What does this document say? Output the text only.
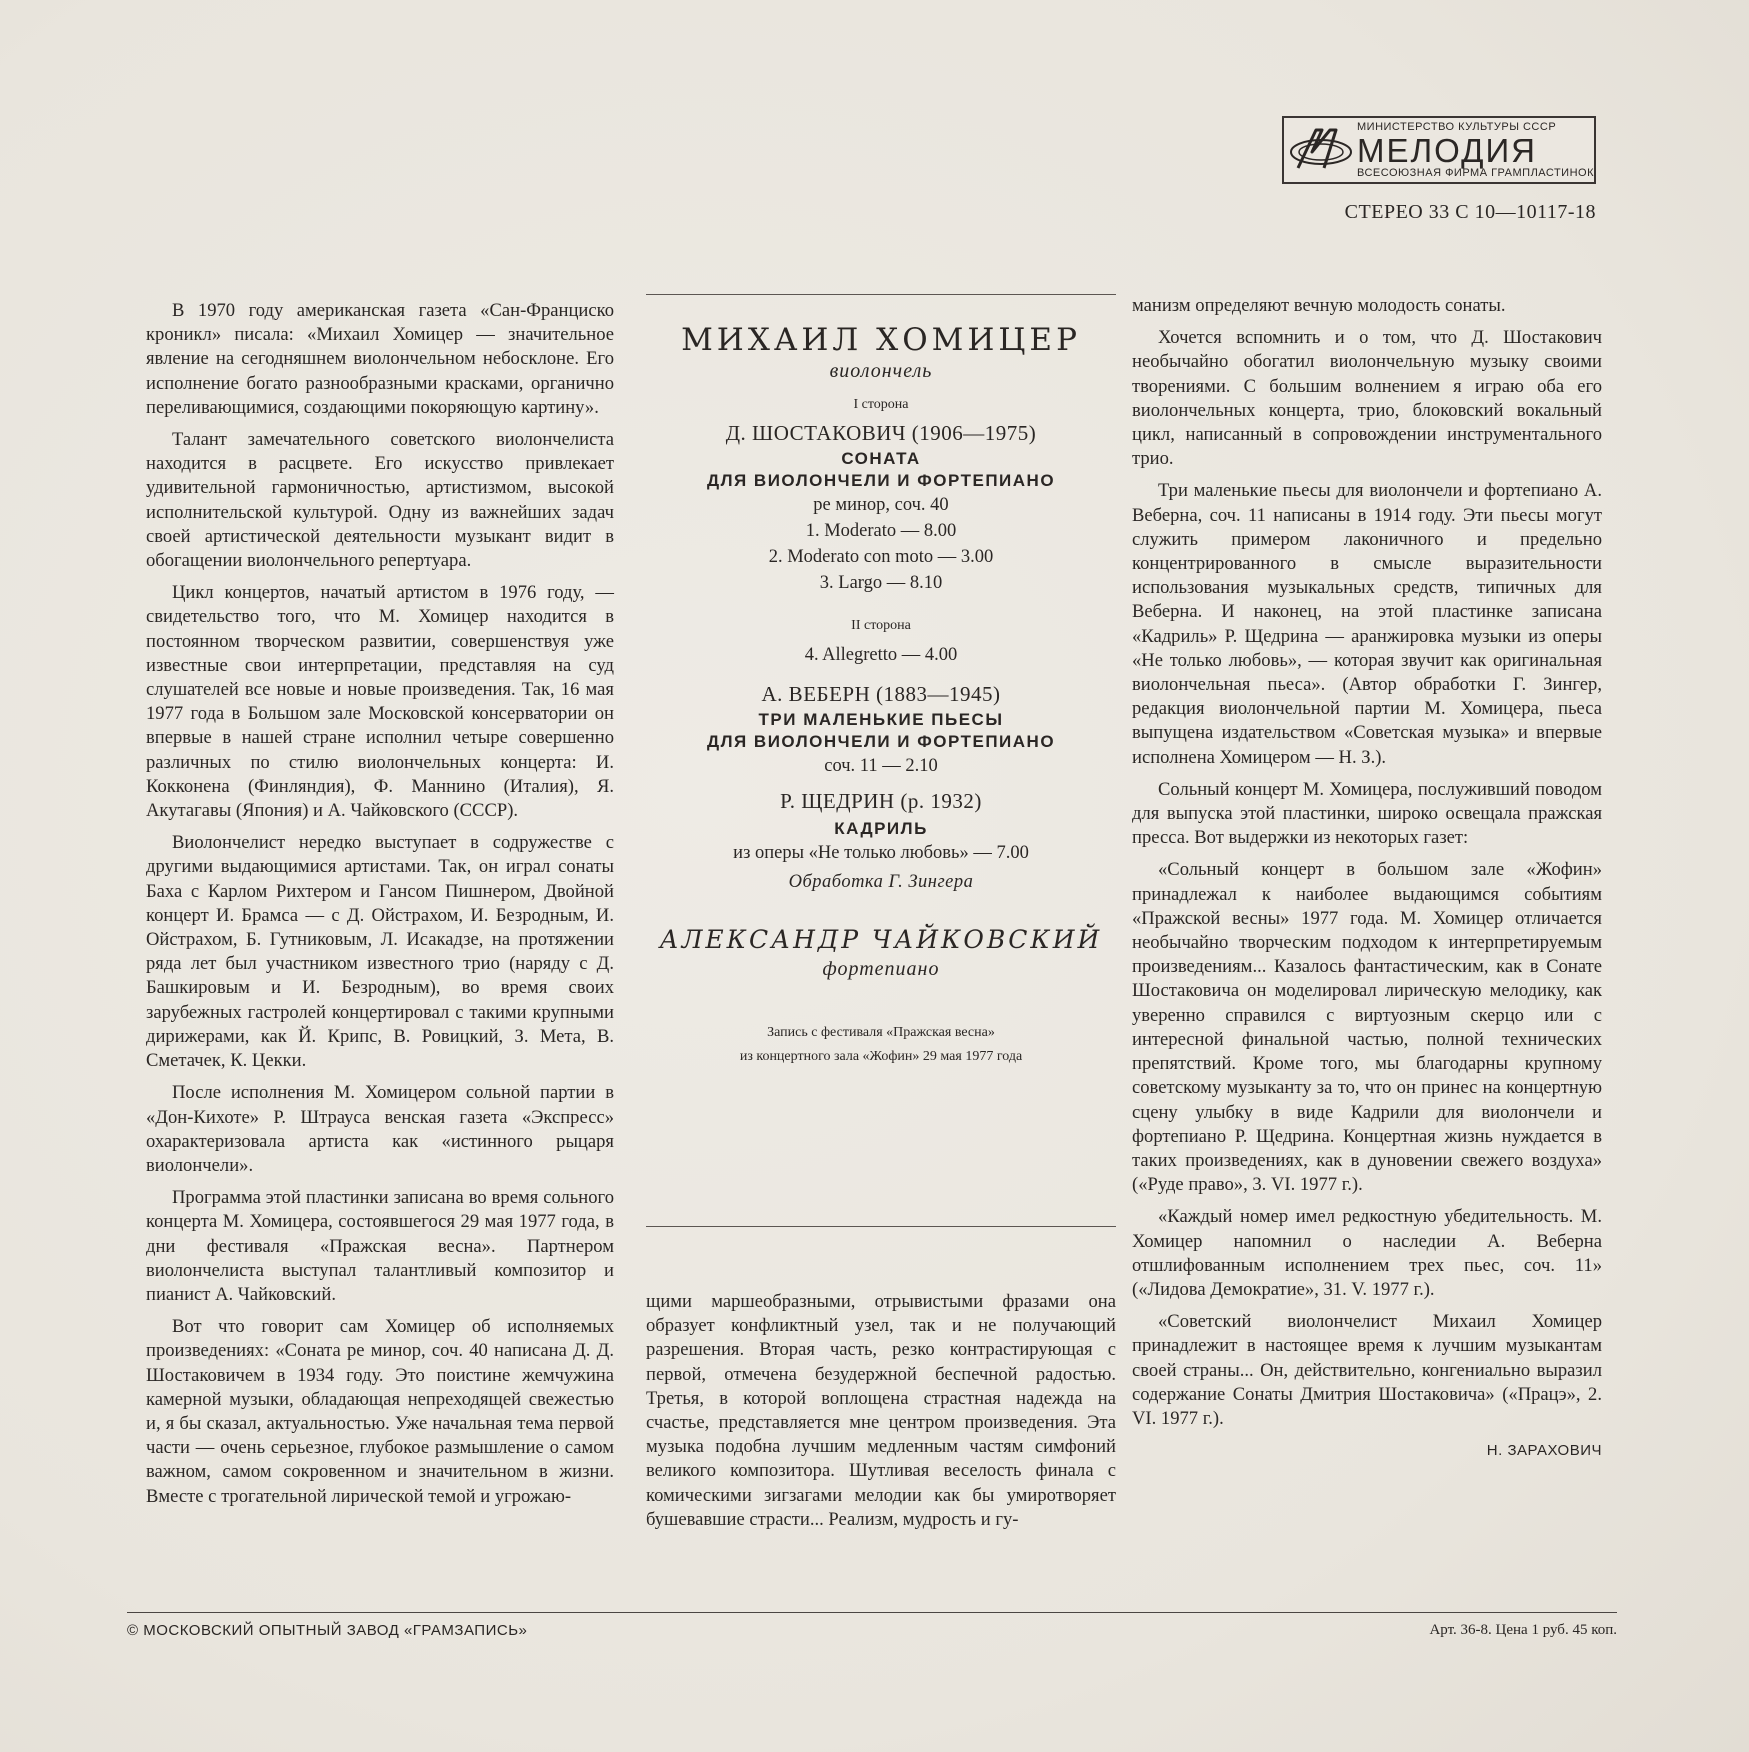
МИНИСТЕРСТВО КУЛЬТУРЫ СССР
МЕЛОДИЯ
ВСЕСОЮЗНАЯ ФИРМА ГРАМПЛАСТИНОК
СТЕРЕО 33 С 10—10117-18

В 1970 году американская газета «Сан-Франциско кроникл» писала: «Михаил Хомицер — значительное явление на сегодняшнем виолончельном небосклоне. Его исполнение богато разнообразными красками, органично переливающимися, создающими покоряющую картину».

Талант замечательного советского виолончелиста находится в расцвете. Его искусство привлекает удивительной гармоничностью, артистизмом, высокой исполнительской культурой. Одну из важнейших задач своей артистической деятельности музыкант видит в обогащении виолончельного репертуара.

Цикл концертов, начатый артистом в 1976 году, — свидетельство того, что М. Хомицер находится в постоянном творческом развитии, совершенствуя уже известные свои интерпретации, представляя на суд слушателей все новые и новые произведения. Так, 16 мая 1977 года в Большом зале Московской консерватории он впервые в нашей стране исполнил четыре совершенно различных по стилю виолончельных концерта: И. Кокконена (Финляндия), Ф. Маннино (Италия), Я. Акутагавы (Япония) и А. Чайковского (СССР).

Виолончелист нередко выступает в содружестве с другими выдающимися артистами. Так, он играл сонаты Баха с Карлом Рихтером и Гансом Пишнером, Двойной концерт И. Брамса — с Д. Ойстрахом, И. Безродным, И. Ойстрахом, Б. Гутниковым, Л. Исакадзе, на протяжении ряда лет был участником известного трио (наряду с Д. Башкировым и И. Безродным), во время своих зарубежных гастролей концертировал с такими крупными дирижерами, как Й. Крипс, В. Ровицкий, З. Мета, В. Сметачек, К. Цекки.

После исполнения М. Хомицером сольной партии в «Дон-Кихоте» Р. Штрауса венская газета «Экспресс» охарактеризовала артиста как «истинного рыцаря виолончели».

Программа этой пластинки записана во время сольного концерта М. Хомицера, состоявшегося 29 мая 1977 года, в дни фестиваля «Пражская весна». Партнером виолончелиста выступал талантливый композитор и пианист А. Чайковский.

Вот что говорит сам Хомицер об исполняемых произведениях: «Соната ре минор, соч. 40 написана Д. Д. Шостаковичем в 1934 году. Это поистине жемчужина камерной музыки, обладающая непреходящей свежестью и, я бы сказал, актуальностью. Уже начальная тема первой части — очень серьезное, глубокое размышление о самом важном, самом сокровенном и значительном в жизни. Вместе с трогательной лирической темой и угрожаю-

МИХАИЛ ХОМИЦЕР
виолончель
I сторона
Д. ШОСТАКОВИЧ (1906—1975)
СОНАТА
ДЛЯ ВИОЛОНЧЕЛИ И ФОРТЕПИАНО
ре минор, соч. 40
1. Moderato — 8.00
2. Moderato con moto — 3.00
3. Largo — 8.10
II сторона
4. Allegretto — 4.00
А. ВЕБЕРН (1883—1945)
ТРИ МАЛЕНЬКИЕ ПЬЕСЫ
ДЛЯ ВИОЛОНЧЕЛИ И ФОРТЕПИАНО
соч. 11 — 2.10
Р. ЩЕДРИН (р. 1932)
КАДРИЛЬ
из оперы «Не только любовь» — 7.00
Обработка Г. Зингера
АЛЕКСАНДР ЧАЙКОВСКИЙ
фортепиано
Запись с фестиваля «Пражская весна»
из концертного зала «Жофин» 29 мая 1977 года

щими маршеобразными, отрывистыми фразами она образует конфликтный узел, так и не получающий разрешения. Вторая часть, резко контрастирующая с первой, отмечена безудержной беспечной радостью. Третья, в которой воплощена страстная надежда на счастье, представляется мне центром произведения. Эта музыка подобна лучшим медленным частям симфоний великого композитора. Шутливая веселость финала с комическими зигзагами мелодии как бы умиротворяет бушевавшие страсти... Реализм, мудрость и гу-

манизм определяют вечную молодость сонаты.

Хочется вспомнить и о том, что Д. Шостакович необычайно обогатил виолончельную музыку своими творениями. С большим волнением я играю оба его виолончельных концерта, трио, блоковский вокальный цикл, написанный в сопровождении инструментального трио.

Три маленькие пьесы для виолончели и фортепиано А. Веберна, соч. 11 написаны в 1914 году. Эти пьесы могут служить примером лаконичного и предельно концентрированного в смысле выразительности использования музыкальных средств, типичных для Веберна. И наконец, на этой пластинке записана «Кадриль» Р. Щедрина — аранжировка музыки из оперы «Не только любовь», — которая звучит как оригинальная виолончельная пьеса». (Автор обработки Г. Зингер, редакция виолончельной партии М. Хомицера, пьеса выпущена издательством «Советская музыка» и впервые исполнена Хомицером — Н. З.).

Сольный концерт М. Хомицера, послуживший поводом для выпуска этой пластинки, широко освещала пражская пресса. Вот выдержки из некоторых газет:

«Сольный концерт в большом зале «Жофин» принадлежал к наиболее выдающимся событиям «Пражской весны» 1977 года. М. Хомицер отличается необычайно творческим подходом к интерпретируемым произведениям... Казалось фантастическим, как в Сонате Шостаковича он моделировал лирическую мелодику, как уверенно справился с виртуозным скерцо или с интересной финальной частью, полной технических препятствий. Кроме того, мы благодарны крупному советскому музыканту за то, что он принес на концертную сцену улыбку в виде Кадрили для виолончели и фортепиано Р. Щедрина. Концертная жизнь нуждается в таких произведениях, как в дуновении свежего воздуха» («Руде право», 3. VI. 1977 г.).

«Каждый номер имел редкостную убедительность. М. Хомицер напомнил о наследии А. Веберна отшлифованным исполнением трех пьес, соч. 11» («Лидова Демократие», 31. V. 1977 г.).

«Советский виолончелист Михаил Хомицер принадлежит в настоящее время к лучшим музыкантам своей страны... Он, действительно, конгениально выразил содержание Сонаты Дмитрия Шостаковича» («Працэ», 2. VI. 1977 г.).

Н. ЗАРАХОВИЧ

© МОСКОВСКИЙ ОПЫТНЫЙ ЗАВОД «ГРАМЗАПИСЬ»	Арт. 36-8. Цена 1 руб. 45 коп.
